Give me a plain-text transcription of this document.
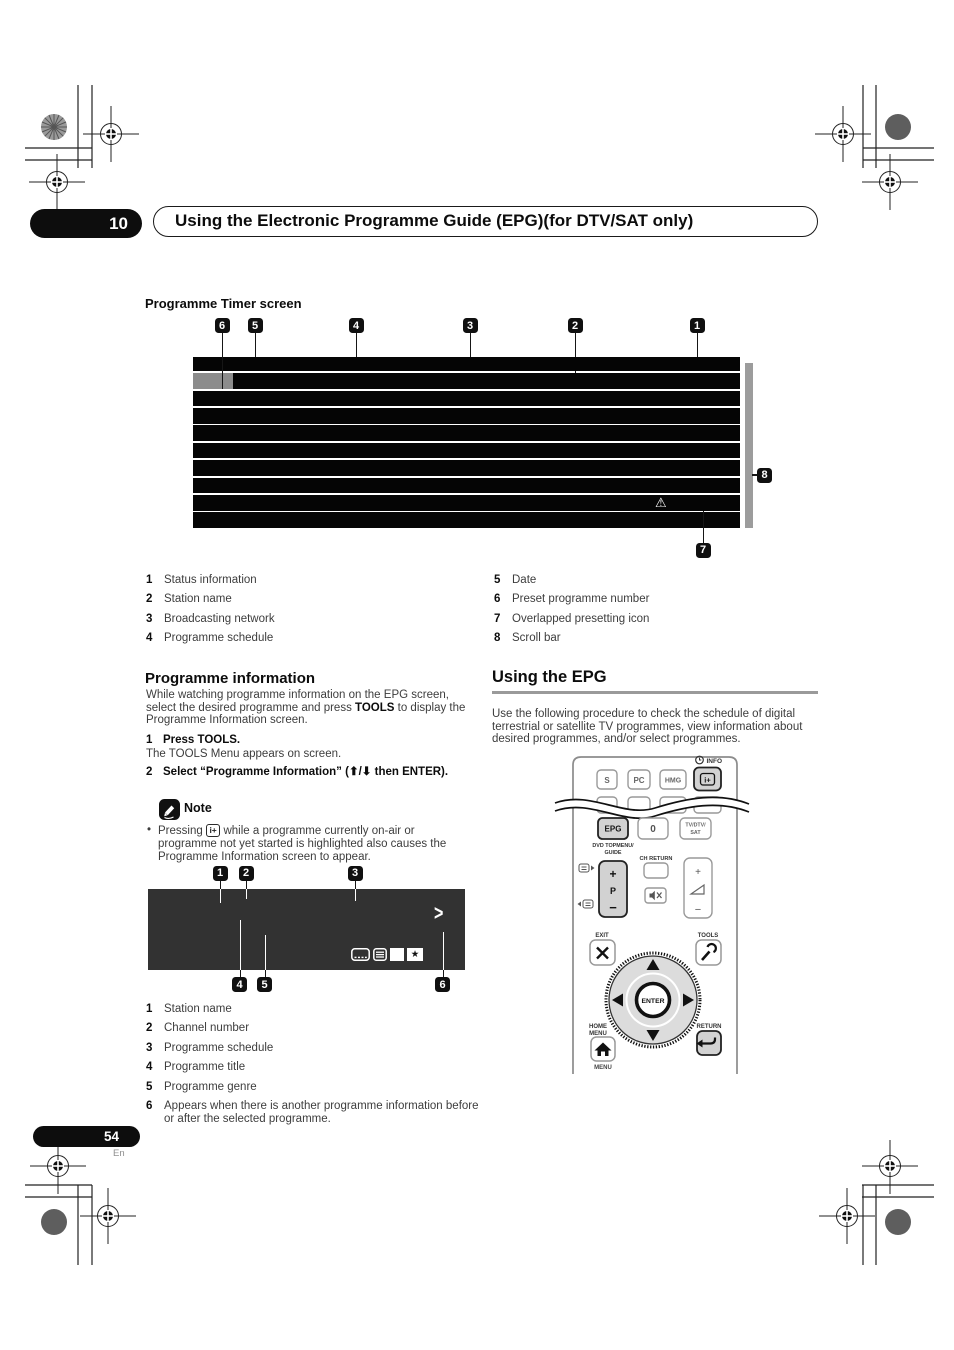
10	Using the Electronic Programme Guide (EPG)(for DTV/SAT only)
Programme Timer screen
6	5	4	3	2	1
⚠
8
7
1	Status information
2	Station name
3	Broadcasting network
4	Programme schedule
5	Date
6	Preset programme number
7	Overlapped presetting icon
8	Scroll bar
Programme information
While watching programme information on the EPG screen, select the desired programme and press TOOLS to display the Programme Information screen.
1 Press TOOLS.
The TOOLS Menu appears on screen.
2 Select “Programme Information” (⬆/⬇ then ENTER).
Note
• Pressing i+ while a programme currently on-air or programme not yet started is highlighted also causes the Programme Information screen to appear.
1	2	3
>
★
4	5	6
1	Station name
2	Channel number
3	Programme schedule
4	Programme title
5	Programme genre
6	Appears when there is another programme information before or after the selected programme.
Using the EPG
Use the following procedure to check the schedule of digital terrestrial or satellite TV programmes, view information about desired programmes, and/or select programmes.
S	PC	HMG
INFO
i+
EPG	0	TV/DTV/
SAT
DVD TOPMENU/
GUIDE
CH RETURN
+
P
−
+
−
EXIT	TOOLS
ENTER
HOME
MENU
MENU
RETURN
54
En
